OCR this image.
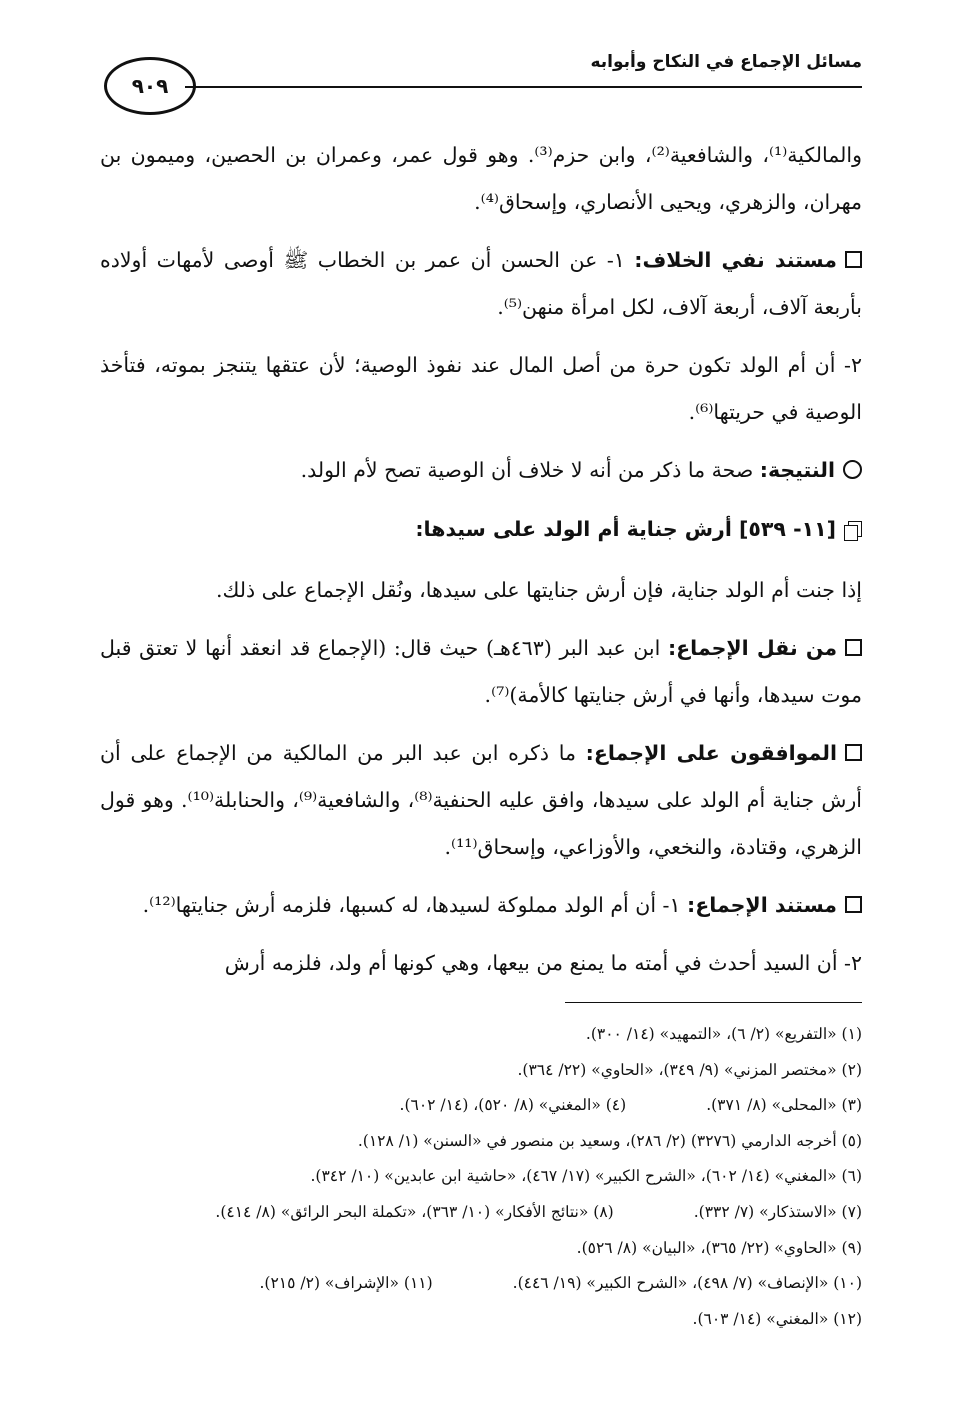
مسائل الإجماع في النكاح وأبوابه
٩٠٩

والمالكية⁽¹⁾، والشافعية⁽²⁾، وابن حزم⁽³⁾. وهو قول عمر، وعمران بن الحصين، وميمون بن مهران، والزهري، ويحيى الأنصاري، وإسحاق⁽⁴⁾.

مستند نفي الخلاف: ١- عن الحسن أن عمر بن الخطاب ﷺ أوصى لأمهات أولاده بأربعة آلاف، أربعة آلاف، لكل امرأة منهن⁽⁵⁾.

٢- أن أم الولد تكون حرة من أصل المال عند نفوذ الوصية؛ لأن عتقها يتنجز بموته، فتأخذ الوصية في حريتها⁽⁶⁾.

النتيجة: صحة ما ذكر من أنه لا خلاف أن الوصية تصح لأم الولد.

[١١- ٥٣٩] أرش جناية أم الولد على سيدها:

إذا جنت أم الولد جناية، فإن أرش جنايتها على سيدها، ونُقل الإجماع على ذلك.

من نقل الإجماع: ابن عبد البر (٤٦٣هـ) حيث قال: (الإجماع قد انعقد أنها لا تعتق قبل موت سيدها، وأنها في أرش جنايتها كالأمة)⁽⁷⁾.

الموافقون على الإجماع: ما ذكره ابن عبد البر من المالكية من الإجماع على أن أرش جناية أم الولد على سيدها، وافق عليه الحنفية⁽⁸⁾، والشافعية⁽⁹⁾، والحنابلة⁽¹⁰⁾. وهو قول الزهري، وقتادة، والنخعي، والأوزاعي، وإسحاق⁽¹¹⁾.

مستند الإجماع: ١- أن أم الولد مملوكة لسيدها، له كسبها، فلزمه أرش جنايتها⁽¹²⁾.

٢- أن السيد أحدث في أمته ما يمنع من بيعها، وهي كونها أم ولد، فلزمه أرش

(١) «التفريع» (٢/ ٦)، «التمهيد» (١٤/ ٣٠٠).
(٢) «مختصر المزني» (٩/ ٣٤٩)، «الحاوي» (٢٢/ ٣٦٤).
(٣) «المحلى» (٨/ ٣٧١).
(٤) «المغني» (٨/ ٥٢٠)، (١٤/ ٦٠٢).
(٥) أخرجه الدارمي (٣٢٧٦) (٢/ ٢٨٦)، وسعيد بن منصور في «السنن» (١/ ١٢٨).
(٦) «المغني» (١٤/ ٦٠٢)، «الشرح الكبير» (١٧/ ٤٦٧)، «حاشية ابن عابدين» (١٠/ ٣٤٢).
(٧) «الاستذكار» (٧/ ٣٣٢).
(٨) «نتائج الأفكار» (١٠/ ٣٦٣)، «تكملة البحر الرائق» (٨/ ٤١٤).
(٩) «الحاوي» (٢٢/ ٣٦٥)، «البيان» (٨/ ٥٢٦).
(١٠) «الإنصاف» (٧/ ٤٩٨)، «الشرح الكبير» (١٩/ ٤٤٦).
(١١) «الإشراف» (٢/ ٢١٥).
(١٢) «المغني» (١٤/ ٦٠٣).
